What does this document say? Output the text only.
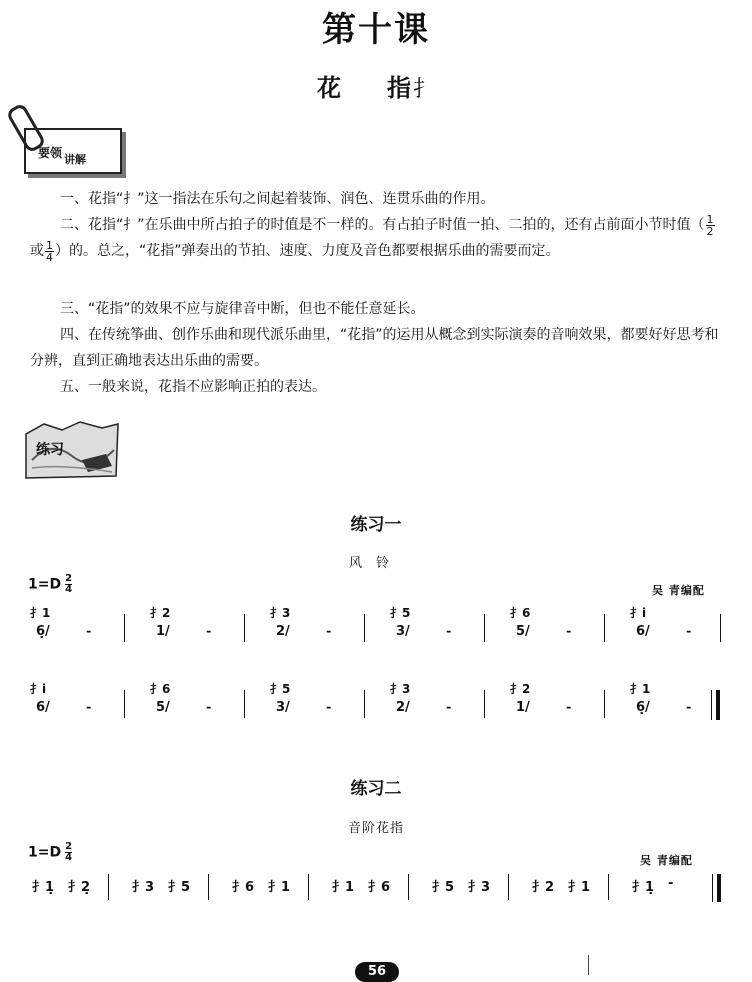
第十课
花 指⺘
要领 讲解
一、花指“⺘”这一指法在乐句之间起着装饰、润色、连贯乐曲的作用。
二、花指“⺘”在乐曲中所占拍子的时值是不一样的。有占拍子时值一拍、二拍的，还有占前面小节时值（ $\frac{1}{2}$
或 $\frac{1}{4}$ ）的。总之，“花指”弹奏出的节拍、速度、力度及音色都要根据乐曲的需要而定。
三、“花指”的效果不应与旋律音中断，但也不能任意延长。
四、在传统筝曲、创作乐曲和现代派乐曲里，“花指”的运用从概念到实际演奏的音响效果，都要好好思考和分辨，直到正确地表达出乐曲的需要。
五、一般来说，花指不应影响正拍的表达。
练习
练习一
风铃
$1=D \frac{2}{4}$	吴 青编配
⺘1
6̣/	-
⺘2
1/	-
⺘3
2/	-
⺘5
3/	-
⺘6
5/	-
⺘i
6/	-
⺘i
6/	-
⺘6
5/	-
⺘5
3/	-
⺘3
2/	-
⺘2
1/	-
⺘1
6̣/	-
练习二
音阶花指
$1=D \frac{2}{4}$	吴 青编配
⺘1̣ ⺘2̣	⺘3 ⺘5	⺘6 ⺘1	⺘1 ⺘6	⺘5 ⺘3	⺘2 ⺘1	⺘1̣ -
56
